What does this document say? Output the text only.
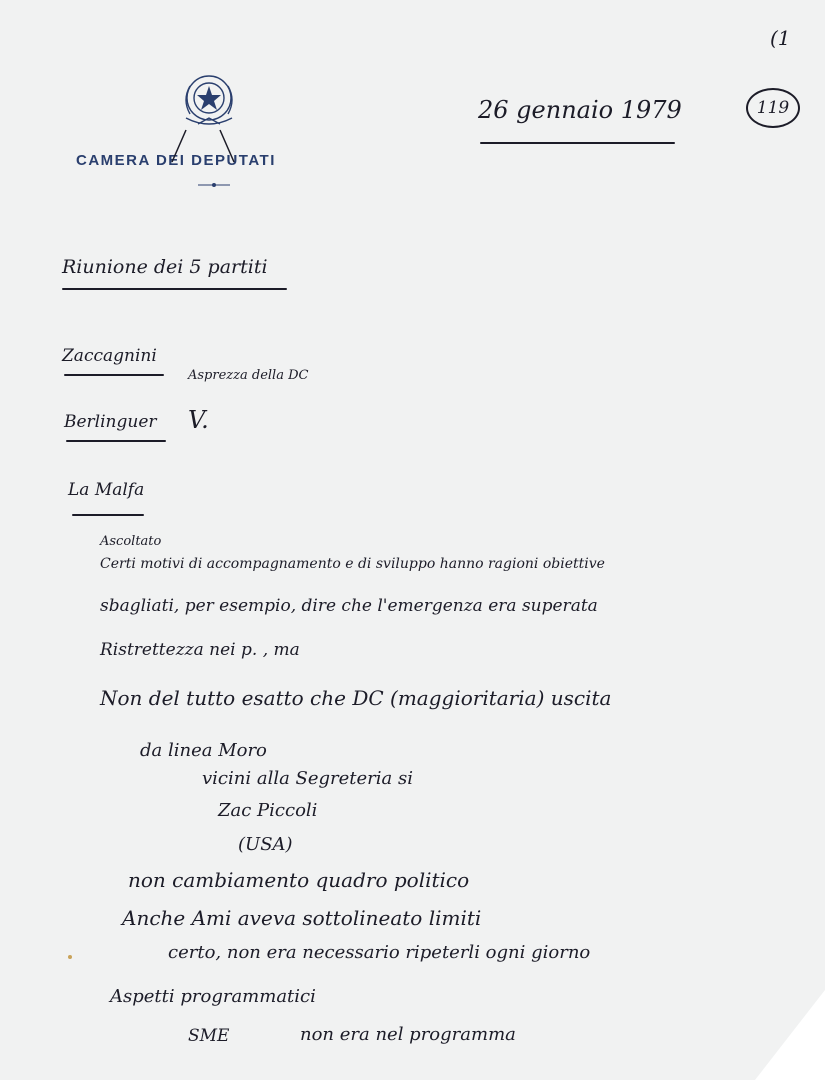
CAMERA DEI DEPUTATI
(1
119
26 gennaio 1979
Riunione dei 5 partiti
Zaccagnini
Asprezza della DC
Berlinguer V.
La Malfa
Ascoltato
Certi motivi di accompagnamento e di sviluppo hanno ragioni obiettive
sbagliati, per esempio, dire che l'emergenza era superata
Ristrettezza nei p. , ma
Non del tutto esatto che DC (maggioritaria) uscita
da linea Moro
vicini alla Segreteria si
Zac Piccoli
(USA)
non cambiamento quadro politico
Anche Ami aveva sottolineato limiti
certo, non era necessario ripeterli ogni giorno
Aspetti programmatici
SME	non era nel programma
